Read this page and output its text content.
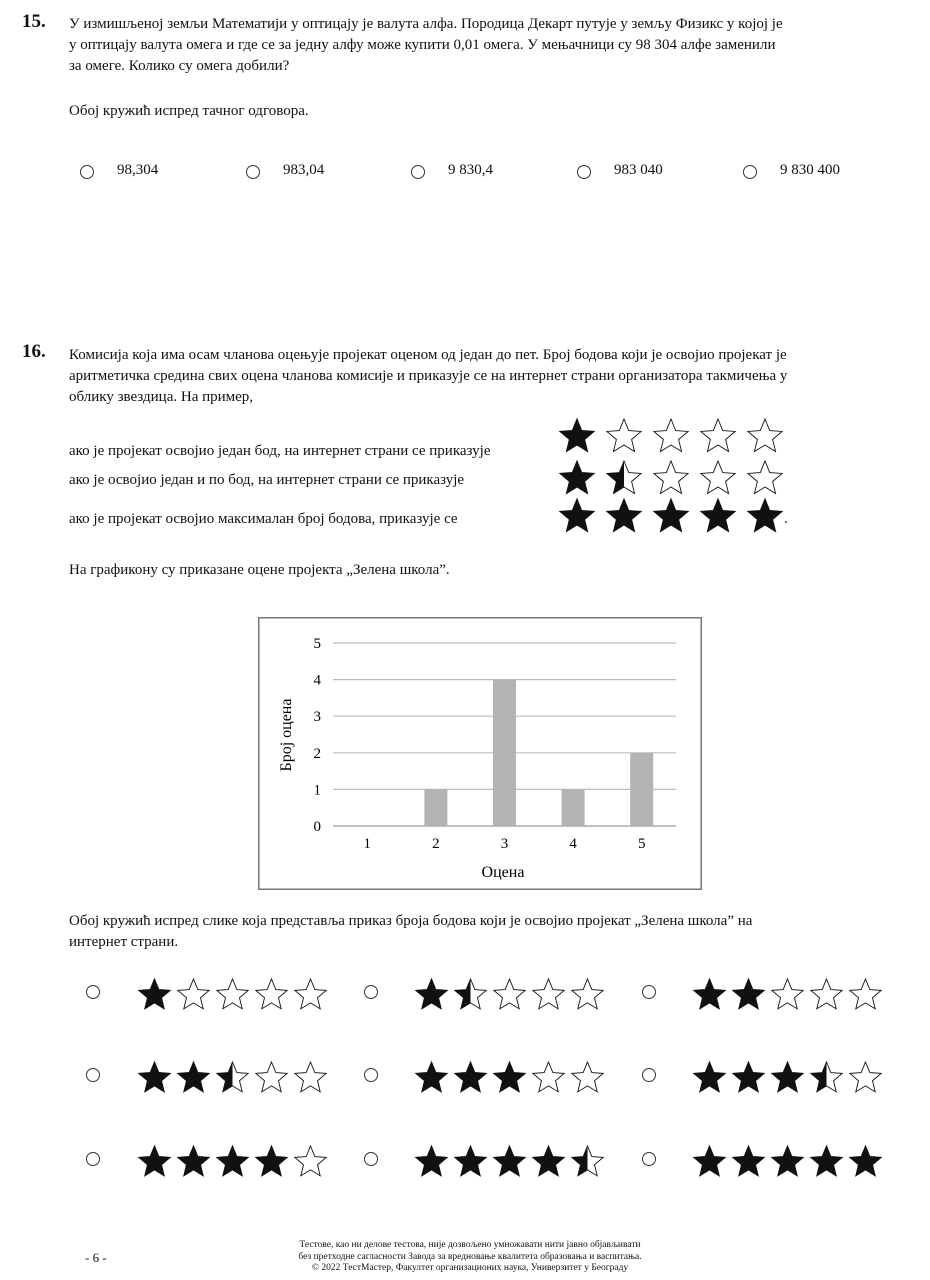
15. У измишљеној земљи Математији у оптицају је валута алфа. Породица Декарт путује у земљу Физикс у којој је
у оптицају валута омега и где се за једну алфу може купити 0,01 омега. У мењачници су 98 304 алфе заменили
за омеге. Колико су омега добили?
Обој кружић испред тачног одговора.
98,304	983,04	9 830,4	983 040	9 830 400
16. Комисија која има осам чланова оцењује пројекат оценом од један до пет. Број бодова који је освојио пројекат је
аритметичка средина свих оцена чланова комисије и приказује се на интернет страни организатора такмичења у
облику звездица. На пример,
ако је пројекат освојио један бод, на интернет страни се приказује
ако је освојио један и по бод, на интернет страни се приказује
ако је пројекат освојио максималан број бодова, приказује се	.
На графикону су приказане оцене пројекта „Зелена школа”.
0
1
2
3
4
5
1	2	3	4	5
Оцена
Број оцена
Обој кружић испред слике која представља приказ броја бодова који је освојио пројекат „Зелена школа” на
интернет страни.
- 6 -
Тестове, као ни делове тестова, није дозвољено умножавати нити јавно објављивати
без претходне сагласности Завода за вредновање квалитета образовања и васпитања.
© 2022 ТестМастер, Факултет организационих наука, Универзитет у Београду
